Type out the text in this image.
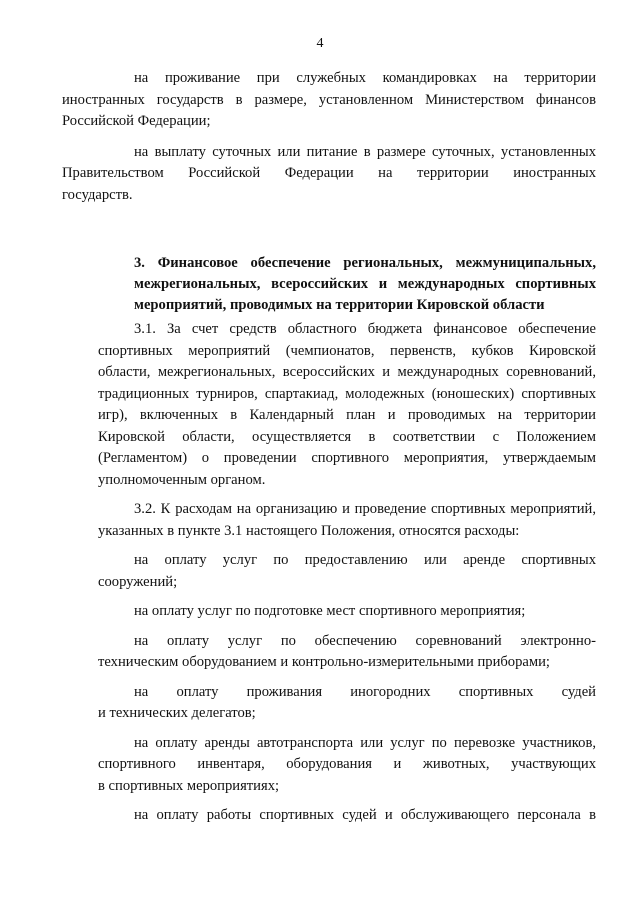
4

на проживание при служебных командировках на территории
иностранных государств в размере, установленном Министерством финансов
Российской Федерации;

на выплату суточных или питание в размере суточных, установленных
Правительством Российской Федерации на территории иностранных
государств.

3. Финансовое обеспечение региональных, межмуниципальных,
межрегиональных, всероссийских и международных спортивных
мероприятий, проводимых на территории Кировской области

3.1. За счет средств областного бюджета финансовое обеспечение
спортивных мероприятий (чемпионатов, первенств, кубков Кировской
области, межрегиональных, всероссийских и международных соревнований,
традиционных турниров, спартакиад, молодежных (юношеских) спортивных
игр), включенных в Календарный план и проводимых на территории
Кировской области, осуществляется в соответствии с Положением
(Регламентом) о проведении спортивного мероприятия, утверждаемым
уполномоченным органом.

3.2. К расходам на организацию и проведение спортивных мероприятий,
указанных в пункте 3.1 настоящего Положения, относятся расходы:

на оплату услуг по предоставлению или аренде спортивных
сооружений;

на оплату услуг по подготовке мест спортивного мероприятия;

на оплату услуг по обеспечению соревнований электронно-
техническим оборудованием и контрольно-измерительными приборами;

на оплату проживания иногородних спортивных судей
и технических делегатов;

на оплату аренды автотранспорта или услуг по перевозке участников,
спортивного инвентаря, оборудования и животных, участвующих
в спортивных мероприятиях;

на оплату работы спортивных судей и обслуживающего персонала в
